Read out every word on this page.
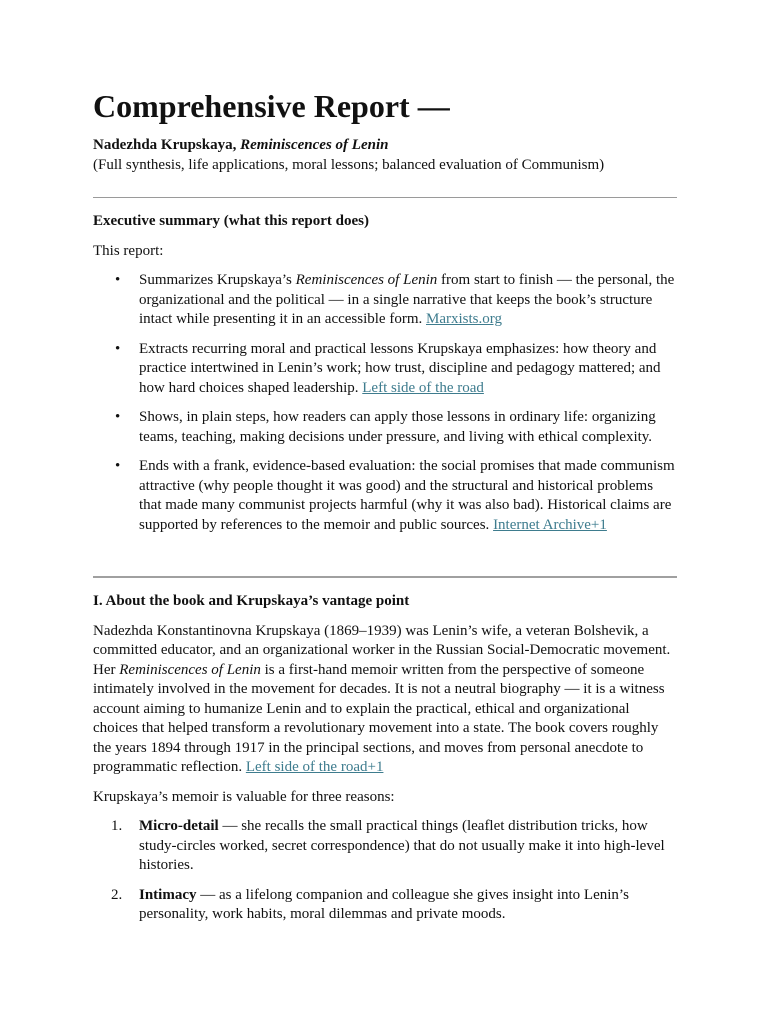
Comprehensive Report —

Nadezhda Krupskaya, Reminiscences of Lenin

(Full synthesis, life applications, moral lessons; balanced evaluation of Communism)

Executive summary (what this report does)

This report:

• Summarizes Krupskaya’s Reminiscences of Lenin from start to finish — the personal, the organizational and the political — in a single narrative that keeps the book’s structure intact while presenting it in an accessible form. Marxists.org
• Extracts recurring moral and practical lessons Krupskaya emphasizes: how theory and practice intertwined in Lenin’s work; how trust, discipline and pedagogy mattered; and how hard choices shaped leadership. Left side of the road
• Shows, in plain steps, how readers can apply those lessons in ordinary life: organizing teams, teaching, making decisions under pressure, and living with ethical complexity.
• Ends with a frank, evidence-based evaluation: the social promises that made communism attractive (why people thought it was good) and the structural and historical problems that made many communist projects harmful (why it was also bad). Historical claims are supported by references to the memoir and public sources. Internet Archive+1
I. About the book and Krupskaya’s vantage point

Nadezhda Konstantinovna Krupskaya (1869–1939) was Lenin’s wife, a veteran Bolshevik, a committed educator, and an organizational worker in the Russian Social-Democratic movement. Her Reminiscences of Lenin is a first-hand memoir written from the perspective of someone intimately involved in the movement for decades. It is not a neutral biography — it is a witness account aiming to humanize Lenin and to explain the practical, ethical and organizational choices that helped transform a revolutionary movement into a state. The book covers roughly the years 1894 through 1917 in the principal sections, and moves from personal anecdote to programmatic reflection. Left side of the road+1

Krupskaya’s memoir is valuable for three reasons:

1. Micro-detail — she recalls the small practical things (leaflet distribution tricks, how study-circles worked, secret correspondence) that do not usually make it into high-level histories.
2. Intimacy — as a lifelong companion and colleague she gives insight into Lenin’s personality, work habits, moral dilemmas and private moods.
